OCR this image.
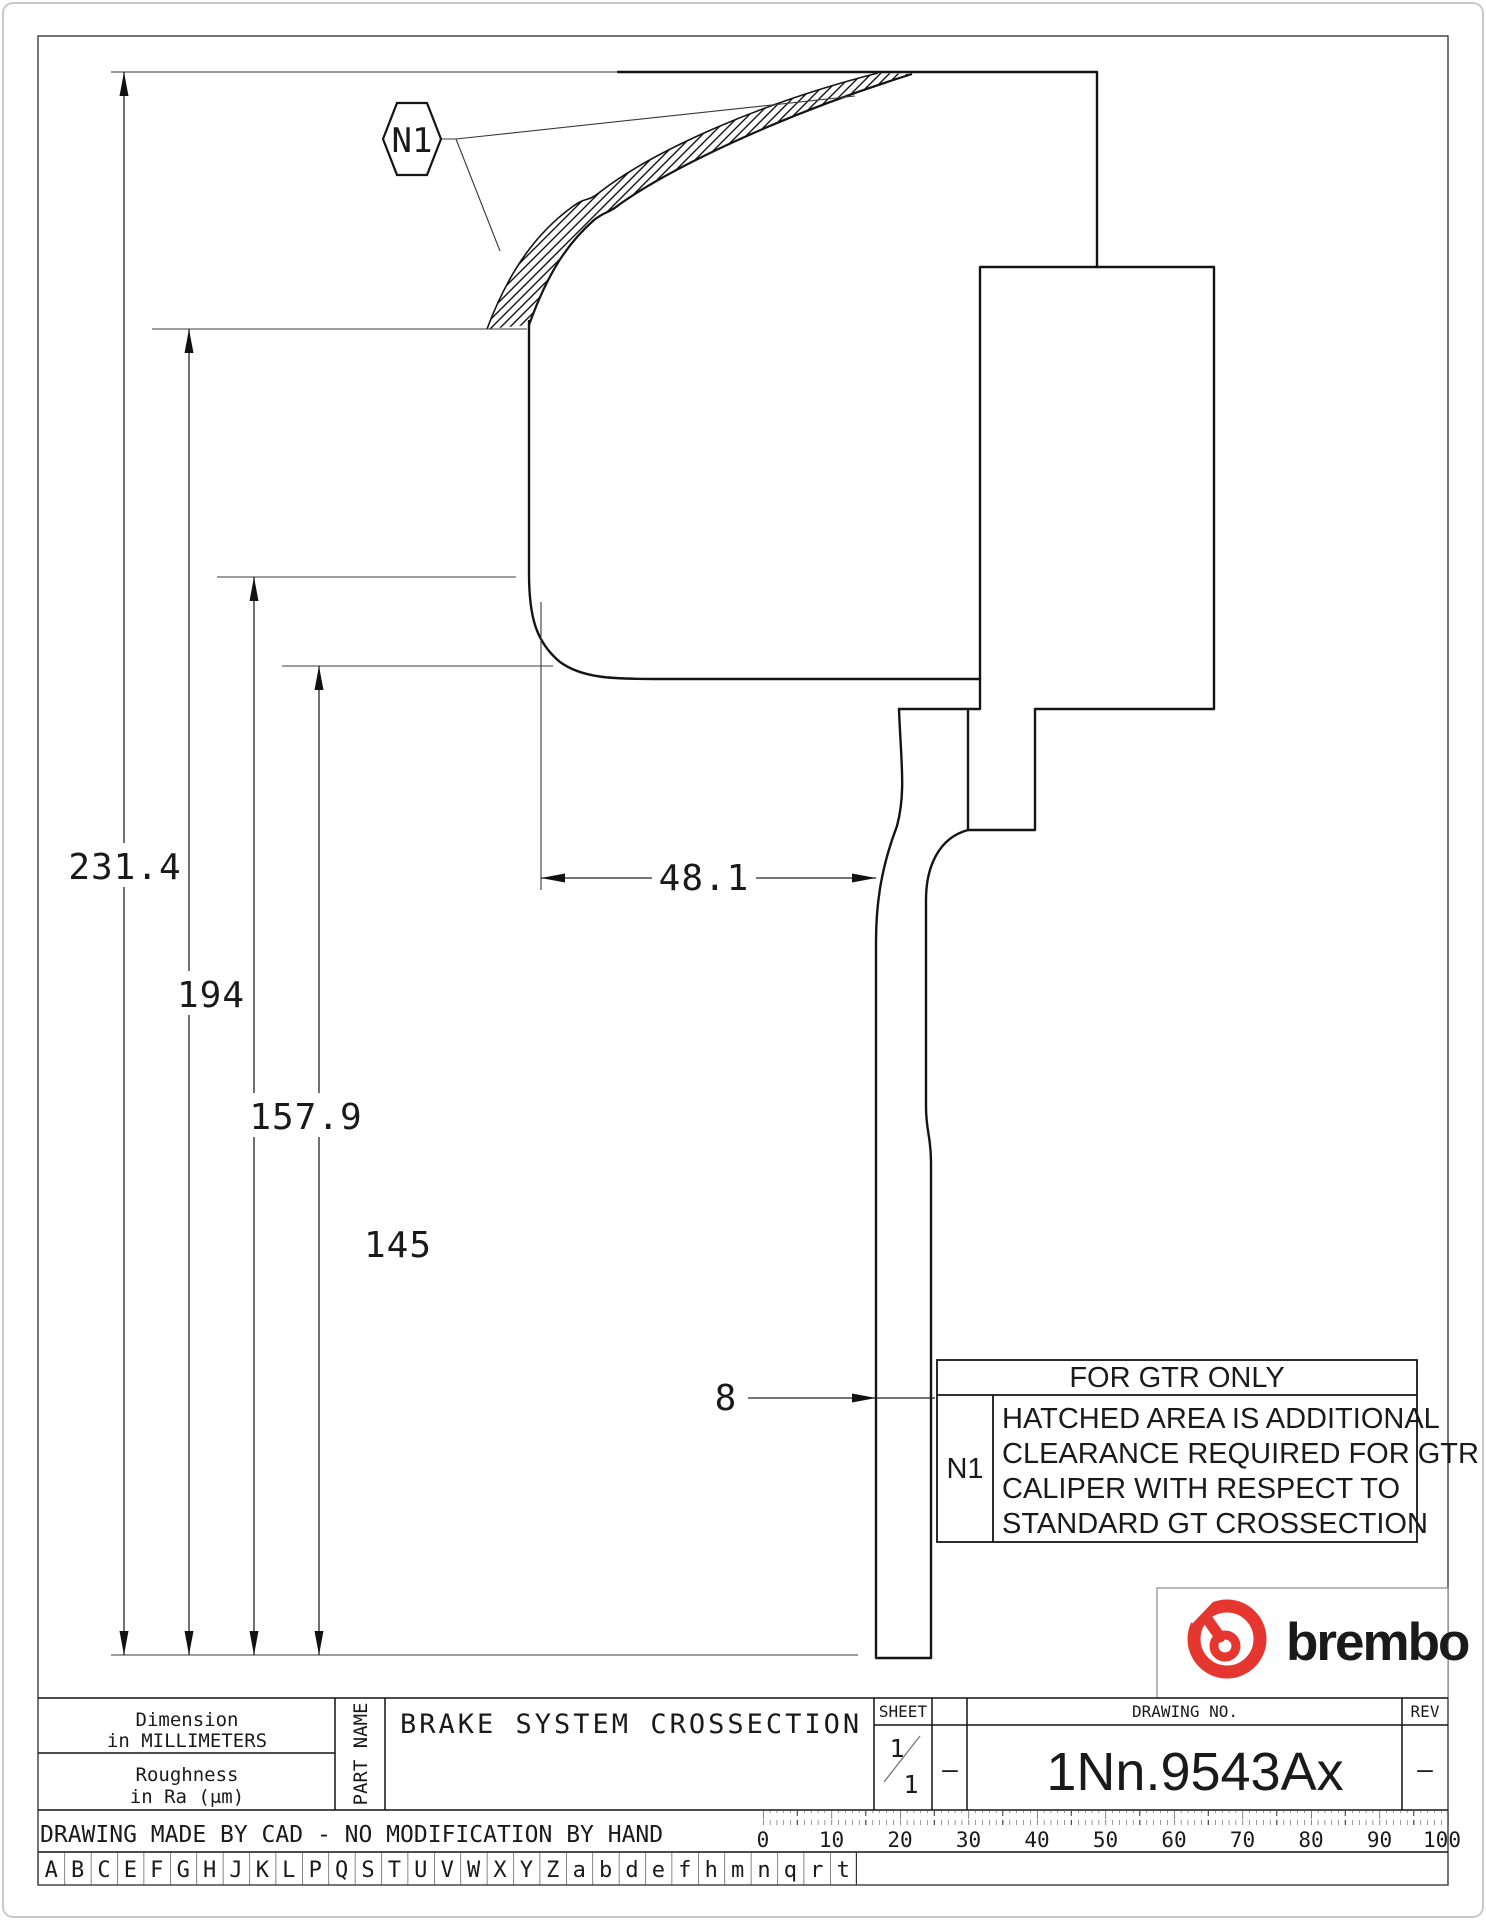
231.4
194
157.9
145
48.1
8
N1
FOR GTR ONLY
N1
HATCHED AREA IS ADDITIONAL
CLEARANCE REQUIRED FOR GTR
CALIPER WITH RESPECT TO
STANDARD GT CROSSECTION
brembo
Dimension
in MILLIMETERS
Roughness
in Ra (μm)	PART NAME BRAKE SYSTEM CROSSECTION SHEET
1
1 —
DRAWING NO.
1Nn.9543Ax
REV
—
DRAWING MADE BY CAD - NO MODIFICATION BY HAND	0 10 20 30 40 50 60 70 80 90 100
A B C E F G H J K L P Q S T U V W X Y Z a b d e f h m n q r t
